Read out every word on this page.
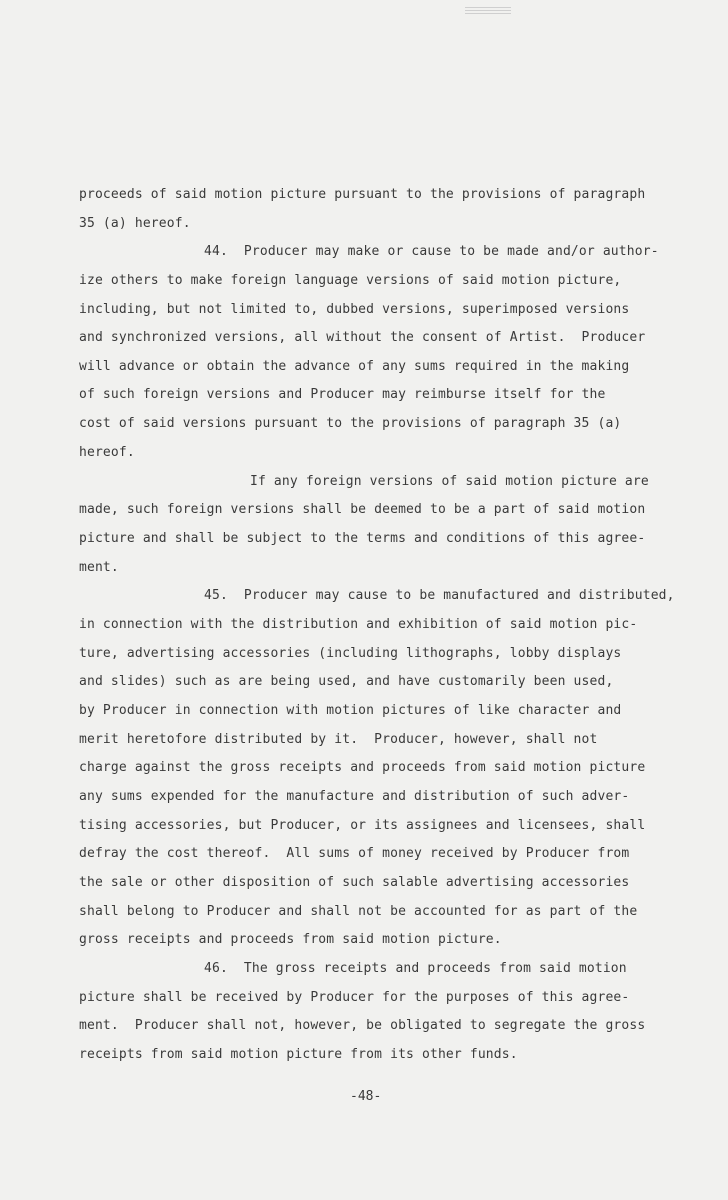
proceeds of said motion picture pursuant to the provisions of paragraph
35 (a) hereof.
44.  Producer may make or cause to be made and/or author-
ize others to make foreign language versions of said motion picture,
including, but not limited to, dubbed versions, superimposed versions
and synchronized versions, all without the consent of Artist.  Producer
will advance or obtain the advance of any sums required in the making
of such foreign versions and Producer may reimburse itself for the
cost of said versions pursuant to the provisions of paragraph 35 (a)
hereof.
If any foreign versions of said motion picture are
made, such foreign versions shall be deemed to be a part of said motion
picture and shall be subject to the terms and conditions of this agree-
ment.
45.  Producer may cause to be manufactured and distributed,
in connection with the distribution and exhibition of said motion pic-
ture, advertising accessories (including lithographs, lobby displays
and slides) such as are being used, and have customarily been used,
by Producer in connection with motion pictures of like character and
merit heretofore distributed by it.  Producer, however, shall not
charge against the gross receipts and proceeds from said motion picture
any sums expended for the manufacture and distribution of such adver-
tising accessories, but Producer, or its assignees and licensees, shall
defray the cost thereof.  All sums of money received by Producer from
the sale or other disposition of such salable advertising accessories
shall belong to Producer and shall not be accounted for as part of the
gross receipts and proceeds from said motion picture.
46.  The gross receipts and proceeds from said motion
picture shall be received by Producer for the purposes of this agree-
ment.  Producer shall not, however, be obligated to segregate the gross
receipts from said motion picture from its other funds.
-48-
